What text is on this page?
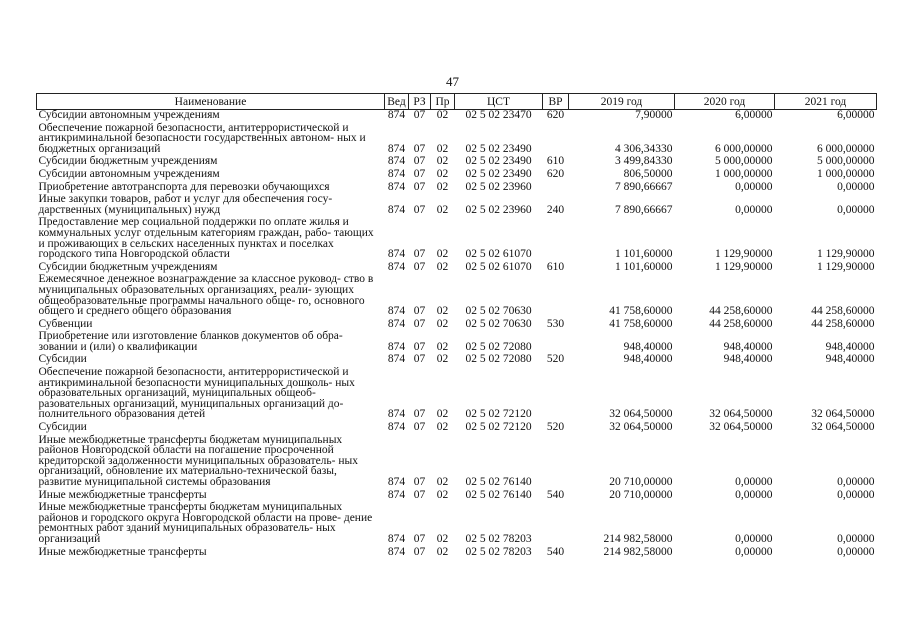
47
Наименование	Вед	РЗ	Пр	ЦСТ	ВР	2019 год	2020 год	2021 год
Субсидии автономным учреждениям	874	07	02	02 5 02 23470	620	7,90000	6,00000	6,00000
Обеспечение пожарной безопасности, антитеррористической и антикриминальной безопасности государственных автоном- ных и бюджетных организаций	874	07	02	02 5 02 23490		4 306,34330	6 000,00000	6 000,00000
Субсидии бюджетным учреждениям	874	07	02	02 5 02 23490	610	3 499,84330	5 000,00000	5 000,00000
Субсидии автономным учреждениям	874	07	02	02 5 02 23490	620	806,50000	1 000,00000	1 000,00000
Приобретение автотранспорта для перевозки обучающихся	874	07	02	02 5 02 23960		7 890,66667	0,00000	0,00000
Иные закупки товаров, работ и услуг для обеспечения госу- дарственных (муниципальных) нужд	874	07	02	02 5 02 23960	240	7 890,66667	0,00000	0,00000
Предоставление мер социальной поддержки по оплате жилья и коммунальных услуг отдельным категориям граждан, рабо- тающих и проживающих в сельских населенных пунктах и поселках городского типа Новгородской области	874	07	02	02 5 02 61070		1 101,60000	1 129,90000	1 129,90000
Субсидии бюджетным учреждениям	874	07	02	02 5 02 61070	610	1 101,60000	1 129,90000	1 129,90000
Ежемесячное денежное вознаграждение за классное руковод- ство в муниципальных образовательных организациях, реали- зующих общеобразовательные программы начального обще- го, основного общего и среднего общего образования	874	07	02	02 5 02 70630		41 758,60000	44 258,60000	44 258,60000
Субвенции	874	07	02	02 5 02 70630	530	41 758,60000	44 258,60000	44 258,60000
Приобретение или изготовление бланков документов об обра- зовании и (или) о квалификации	874	07	02	02 5 02 72080		948,40000	948,40000	948,40000
Субсидии	874	07	02	02 5 02 72080	520	948,40000	948,40000	948,40000
Обеспечение пожарной безопасности, антитеррористической и антикриминальной безопасности муниципальных дошколь- ных образовательных организаций, муниципальных общеоб- разовательных организаций, муниципальных организаций до- полнительного образования детей	874	07	02	02 5 02 72120		32 064,50000	32 064,50000	32 064,50000
Субсидии	874	07	02	02 5 02 72120	520	32 064,50000	32 064,50000	32 064,50000
Иные межбюджетные трансферты бюджетам муниципальных районов Новгородской области на погашение просроченной кредиторской задолженности муниципальных образователь- ных организаций, обновление их материально-технической базы, развитие муниципальной системы образования	874	07	02	02 5 02 76140		20 710,00000	0,00000	0,00000
Иные межбюджетные трансферты	874	07	02	02 5 02 76140	540	20 710,00000	0,00000	0,00000
Иные межбюджетные трансферты бюджетам муниципальных районов и городского округа Новгородской области на прове- дение ремонтных работ зданий муниципальных образователь- ных организаций	874	07	02	02 5 02 78203		214 982,58000	0,00000	0,00000
Иные межбюджетные трансферты	874	07	02	02 5 02 78203	540	214 982,58000	0,00000	0,00000
